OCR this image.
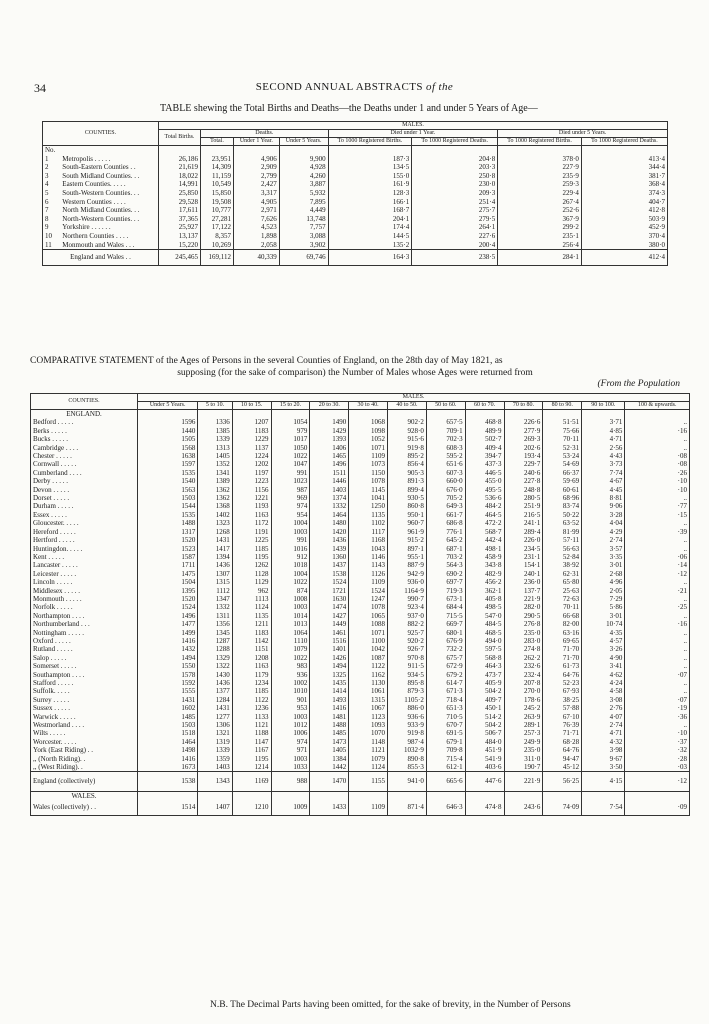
34	SECOND ANNUAL ABSTRACTS of the
TABLE shewing the Total Births and Deaths—the Deaths under 1 and under 5 Years of Age—
COUNTIES.		MALES.							
		Total Births.	Deaths.			Died under 1 Year.		Died under 5 Years.	
			Total.	Under 1 Year.	Under 5 Years.	To 1000 Registered Births.	To 1000 Registered Deaths.	To 1000 Registered Births.	To 1000 Registered Deaths.
No.									
1	Metropolis . . . . .	26,186	23,951	4,906	9,900	187·3	204·8	378·0	413·4
2	South-Eastern Counties . .	21,619	14,309	2,909	4,928	134·5	203·3	227·9	344·4
3	South Midland Counties. . .	18,022	11,159	2,799	4,260	155·0	250·8	235·9	381·7
4	Eastern Counties. . . . .	14,991	10,549	2,427	3,887	161·9	230·0	259·3	368·4
5	South-Western Counties. . .	25,850	15,850	3,317	5,932	128·3	209·3	229·4	374·3
6	Western Counties . . . .	29,528	19,508	4,905	7,895	166·1	251·4	267·4	404·7
7	North Midland Counties. . .	17,611	10,777	2,971	4,449	168·7	275·7	252·6	412·8
8	North-Western Counties. . .	37,365	27,281	7,626	13,748	204·1	279·5	367·9	503·9
9	Yorkshire . . . . . .	25,927	17,122	4,523	7,757	174·4	264·1	299·2	452·9
10	Northern Counties . . . .	13,137	8,357	1,898	3,088	144·5	227·6	235·1	370·4
11	Monmouth and Wales . . .	15,220	10,269	2,058	3,902	135·2	200·4	256·4	380·0
England and Wales . .		245,465	169,112	40,339	69,746	164·3	238·5	284·1	412·4
COMPARATIVE STATEMENT of the Ages of Persons in the several Counties of England, on the 28th day of May 1821, as
supposing (for the sake of comparison) the Number of Males whose Ages were returned from
(From the Population
COUNTIES.	MALES.												
	Under 5 Years.	5 to 10.	10 to 15.	15 to 20.	20 to 30.	30 to 40.	40 to 50.	50 to 60.	60 to 70.	70 to 80.	80 to 90.	90 to 100.	100 & upwards.
ENGLAND.													
Bedford . . . . .	1596	1336	1207	1054	1490	1068	902·2	657·5	468·8	226·6	51·51	3·71	..
Berks . . . . .	1440	1385	1183	979	1429	1098	928·0	709·1	489·9	277·9	75·66	4·85	·16
Bucks . . . . .	1505	1339	1229	1017	1393	1052	915·6	702·3	502·7	269·3	70·11	4·71	..
Cambridge . . . .	1568	1313	1137	1050	1406	1071	919·8	608·3	409·4	202·6	52·31	2·56	..
Chester . . . . .	1638	1405	1224	1022	1465	1109	895·2	595·2	394·7	193·4	53·24	4·43	·08
Cornwall . . . . .	1597	1352	1202	1047	1496	1073	856·4	651·6	437·3	229·7	54·69	3·73	·08
Cumberland . . . .	1535	1341	1197	991	1511	1150	905·3	607·3	446·5	240·6	66·37	7·74	·26
Derby . . . . .	1540	1389	1223	1023	1446	1078	891·3	660·0	455·0	227·8	59·69	4·67	·10
Devon . . . . .	1563	1362	1156	987	1403	1145	899·4	676·0	495·5	248·8	60·61	4·45	·10
Dorset . . . . .	1503	1362	1221	969	1374	1041	930·5	705·2	536·6	280·5	68·96	8·81	..
Durham . . . . .	1544	1368	1193	974	1332	1250	860·8	649·3	484·2	251·9	83·74	9·06	·77
Essex . . . . .	1535	1402	1163	954	1464	1135	950·1	661·7	464·5	216·5	50·22	3·28	·15
Gloucester. . . . .	1488	1323	1172	1004	1480	1102	960·7	686·8	472·2	241·1	63·52	4·04	..
Hereford . . . . .	1317	1268	1191	1003	1420	1117	961·9	776·1	568·7	289·4	81·99	4·29	·39
Hertford . . . . .	1520	1431	1225	991	1436	1168	915·2	645·2	442·4	226·0	57·11	2·74	..
Huntingdon. . . . .	1523	1417	1185	1016	1439	1043	897·1	687·1	498·1	234·5	56·63	3·57	..
Kent . . . . .	1587	1394	1195	912	1360	1146	955·1	703·2	458·9	231·1	52·84	3·35	·06
Lancaster . . . . .	1711	1436	1262	1018	1437	1143	887·9	564·3	343·8	154·1	38·92	3·01	·14
Leicester . . . . .	1475	1307	1128	1004	1538	1126	942·9	690·2	482·9	240·1	62·31	2·68	·12
Lincoln . . . . .	1504	1315	1129	1022	1524	1109	936·0	697·7	456·2	236·0	65·80	4·96	..
Middlesex . . . . .	1395	1112	962	874	1721	1524	1164·9	719·3	362·1	137·7	25·63	2·05	·21
Monmouth . . . . .	1520	1347	1113	1008	1630	1247	990·7	673·1	405·8	221·9	72·63	7·29	..
Norfolk . . . . .	1524	1332	1124	1003	1474	1078	923·4	684·4	498·5	282·0	70·11	5·86	·25
Northampton . . . .	1496	1311	1135	1014	1427	1065	937·0	715·5	547·0	290·5	66·68	3·01	..
Northumberland . . .	1477	1356	1211	1013	1449	1088	882·2	669·7	484·5	276·8	82·00	10·74	·16
Nottingham . . . . .	1499	1345	1183	1064	1461	1071	925·7	680·1	468·5	235·0	63·16	4·35	..
Oxford . . . . .	1416	1287	1142	1110	1516	1100	920·2	676·9	494·0	283·0	69·65	4·57	..
Rutland . . . . .	1432	1288	1151	1079	1401	1042	926·7	732·2	597·5	274·8	71·70	3·26	..
Salop . . . . .	1494	1329	1208	1022	1426	1087	970·8	675·7	568·8	262·2	71·70	4·90	..
Somerset . . . . .	1550	1322	1163	983	1494	1122	911·5	672·9	464·3	232·6	61·73	3·41	..
Southampton . . . .	1578	1430	1179	936	1325	1162	934·5	679·2	473·7	232·4	64·76	4·62	·07
Stafford . . . . .	1592	1436	1234	1002	1435	1130	895·8	614·7	405·9	207·8	52·23	4·24	..
Suffolk. . . . .	1555	1377	1185	1010	1414	1061	879·3	671·3	504·2	270·0	67·93	4·58	..
Surrey . . . . .	1431	1284	1122	901	1493	1315	1105·2	718·4	409·7	178·6	38·25	3·08	·07
Sussex . . . . .	1602	1431	1236	953	1416	1067	886·0	651·3	450·1	245·2	57·88	2·76	·19
Warwick . . . . .	1485	1277	1133	1003	1481	1123	936·6	710·5	514·2	263·9	67·10	4·07	·36
Westmorland . . . .	1503	1306	1121	1012	1488	1093	933·9	670·7	504·2	289·1	76·39	2·74	..
Wilts . . . . .	1518	1321	1188	1006	1485	1070	919·8	691·5	506·7	257·3	71·71	4·71	·10
Worcester. . . . .	1464	1319	1147	974	1473	1148	987·4	679·1	484·0	249·9	68·28	4·32	·37
York (East Riding) . .	1498	1339	1167	971	1405	1121	1032·9	709·8	451·9	235·0	64·76	3·98	·32
,, (North Riding). .	1416	1359	1195	1003	1384	1079	890·8	715·4	541·9	311·0	94·47	9·67	·28
,, (West Riding). .	1673	1403	1214	1033	1442	1124	855·3	612·1	403·6	190·7	45·12	3·50	·03
England (collectively)	1538	1343	1169	988	1470	1155	941·0	665·6	447·6	221·9	56·25	4·15	·12
WALES.													
Wales (collectively) . .	1514	1407	1210	1009	1433	1109	871·4	646·3	474·8	243·6	74·09	7·54	·09
N.B. The Decimal Parts having been omitted, for the sake of brevity, in the Number of Persons
